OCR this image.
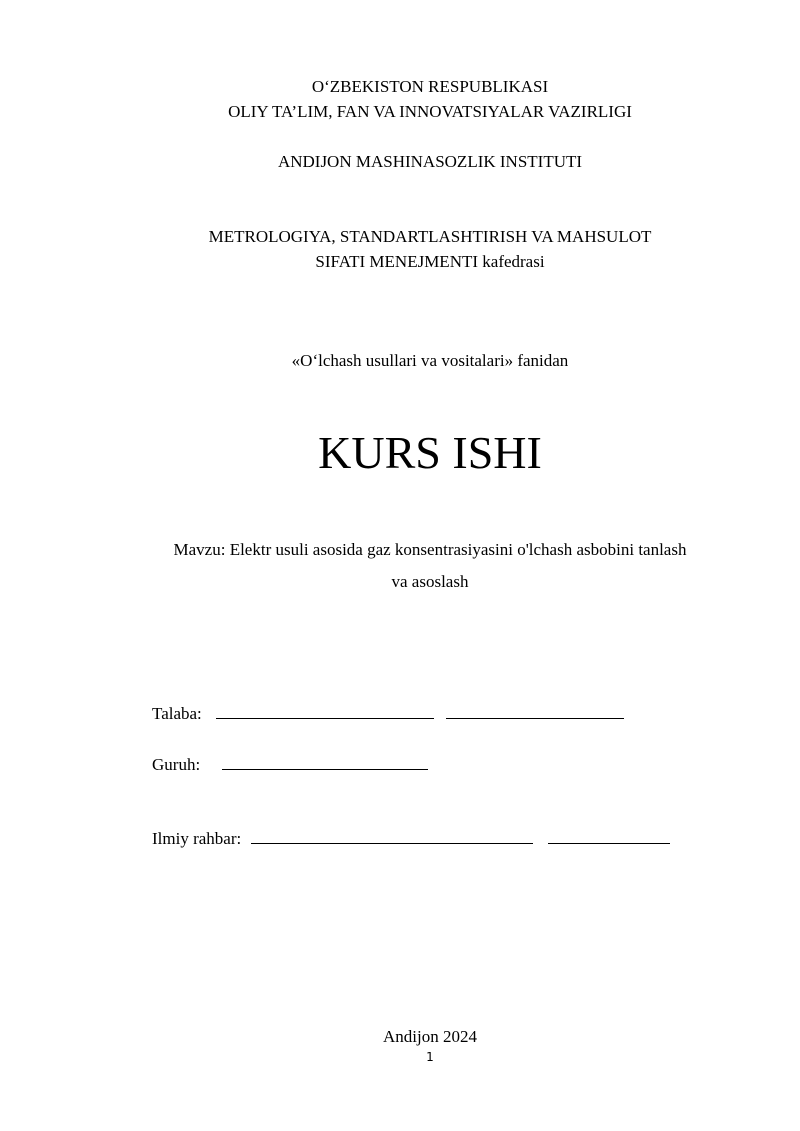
O‘ZBEKISTON RESPUBLIKASI
OLIY TA’LIM, FAN VA INNOVATSIYALAR VAZIRLIGI
ANDIJON MASHINASOZLIK INSTITUTI
METROLOGIYA, STANDARTLASHTIRISH VA MAHSULOT
SIFATI MENEJMENTI kafedrasi
«O‘lchash usullari va vositalari» fanidan
KURS ISHI
Mavzu: Elektr usuli asosida gaz konsentrasiyasini o'lchash asbobini tanlash
va asoslash
Talaba:
Guruh:
Ilmiy rahbar:
Andijon 2024
1
